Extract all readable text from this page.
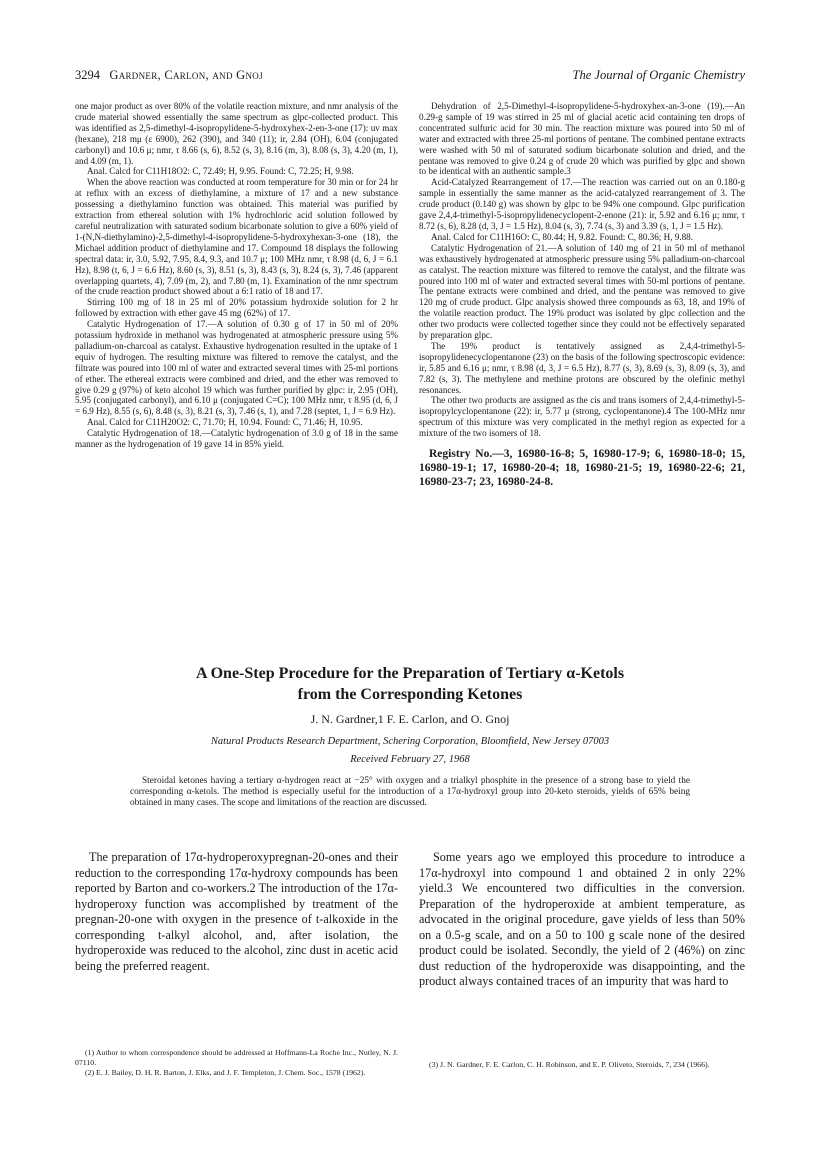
3294 Gardner, Carlon, and Gnoj	The Journal of Organic Chemistry

one major product as over 80% of the volatile reaction mixture, and nmr analysis of the crude material showed essentially the same spectrum as glpc-collected product. This was identified as 2,5-dimethyl-4-isopropylidene-5-hydroxyhex-2-en-3-one (17): uv max (hexane), 218 mμ (ε 6900), 262 (390), and 340 (11); ir, 2.84 (OH), 6.04 (conjugated carbonyl) and 10.6 μ; nmr, τ 8.66 (s, 6), 8.52 (s, 3), 8.16 (m, 3), 8.08 (s, 3), 4.20 (m, 1), and 4.09 (m, 1).

Anal. Calcd for C11H18O2: C, 72.49; H, 9.95. Found: C, 72.25; H, 9.98.

When the above reaction was conducted at room temperature for 30 min or for 24 hr at reflux with an excess of diethylamine, a mixture of 17 and a new substance possessing a diethylamino function was obtained. This material was purified by extraction from ethereal solution with 1% hydrochloric acid solution followed by careful neutralization with saturated sodium bicarbonate solution to give a 60% yield of 1-(N,N-diethylamino)-2,5-dimethyl-4-isopropylidene-5-hydroxyhexan-3-one (18), the Michael addition product of diethylamine and 17. Compound 18 displays the following spectral data: ir, 3.0, 5.92, 7.95, 8.4, 9.3, and 10.7 μ; 100 MHz nmr, τ 8.98 (d, 6, J = 6.1 Hz), 8.98 (t, 6, J = 6.6 Hz), 8.60 (s, 3), 8.51 (s, 3), 8.43 (s, 3), 8.24 (s, 3), 7.46 (apparent overlapping quartets, 4), 7.09 (m, 2), and 7.80 (m, 1). Examination of the nmr spectrum of the crude reaction product showed about a 6:1 ratio of 18 and 17.

Stirring 100 mg of 18 in 25 ml of 20% potassium hydroxide solution for 2 hr followed by extraction with ether gave 45 mg (62%) of 17.

Catalytic Hydrogenation of 17.—A solution of 0.30 g of 17 in 50 ml of 20% potassium hydroxide in methanol was hydrogenated at atmospheric pressure using 5% palladium-on-charcoal as catalyst. Exhaustive hydrogenation resulted in the uptake of 1 equiv of hydrogen. The resulting mixture was filtered to remove the catalyst, and the filtrate was poured into 100 ml of water and extracted several times with 25-ml portions of ether. The ethereal extracts were combined and dried, and the ether was removed to give 0.29 g (97%) of keto alcohol 19 which was further purified by glpc: ir, 2.95 (OH), 5.95 (conjugated carbonyl), and 6.10 μ (conjugated C=C); 100 MHz nmr, τ 8.95 (d, 6, J = 6.9 Hz), 8.55 (s, 6), 8.48 (s, 3), 8.21 (s, 3), 7.46 (s, 1), and 7.28 (septet, 1, J = 6.9 Hz).

Anal. Calcd for C11H20O2: C, 71.70; H, 10.94. Found: C, 71.46; H, 10.95.

Catalytic Hydrogenation of 18.—Catalytic hydrogenation of 3.0 g of 18 in the same manner as the hydrogenation of 19 gave 14 in 85% yield.

Dehydration of 2,5-Dimethyl-4-isopropylidene-5-hydroxyhex-an-3-one (19).—An 0.29-g sample of 19 was stirred in 25 ml of glacial acetic acid containing ten drops of concentrated sulfuric acid for 30 min. The reaction mixture was poured into 50 ml of water and extracted with three 25-ml portions of pentane. The combined pentane extracts were washed with 50 ml of saturated sodium bicarbonate solution and dried, and the pentane was removed to give 0.24 g of crude 20 which was purified by glpc and shown to be identical with an authentic sample.3

Acid-Catalyzed Rearrangement of 17.—The reaction was carried out on an 0.180-g sample in essentially the same manner as the acid-catalyzed rearrangement of 3. The crude product (0.140 g) was shown by glpc to be 94% one compound. Glpc purification gave 2,4,4-trimethyl-5-isopropylidenecyclopent-2-enone (21): ir, 5.92 and 6.16 μ; nmr, τ 8.72 (s, 6), 8.28 (d, 3, J = 1.5 Hz), 8.04 (s, 3), 7.74 (s, 3) and 3.39 (s, 1, J = 1.5 Hz).

Anal. Calcd for C11H16O: C, 80.44; H, 9.82. Found: C, 80.36; H, 9.88.

Catalytic Hydrogenation of 21.—A solution of 140 mg of 21 in 50 ml of methanol was exhaustively hydrogenated at atmospheric pressure using 5% palladium-on-charcoal as catalyst. The reaction mixture was filtered to remove the catalyst, and the filtrate was poured into 100 ml of water and extracted several times with 50-ml portions of pentane. The pentane extracts were combined and dried, and the pentane was removed to give 120 mg of crude product. Glpc analysis showed three compounds as 63, 18, and 19% of the volatile reaction product. The 19% product was isolated by glpc collection and the other two products were collected together since they could not be effectively separated by preparation glpc.

The 19% product is tentatively assigned as 2,4,4-trimethyl-5-isopropylidenecyclopentanone (23) on the basis of the following spectroscopic evidence: ir, 5.85 and 6.16 μ; nmr, τ 8.98 (d, 3, J = 6.5 Hz), 8.77 (s, 3), 8.69 (s, 3), 8.09 (s, 3), and 7.82 (s, 3). The methylene and methine protons are obscured by the olefinic methyl resonances.

The other two products are assigned as the cis and trans isomers of 2,4,4-trimethyl-5-isopropylcyclopentanone (22): ir, 5.77 μ (strong, cyclopentanone).4 The 100-MHz nmr spectrum of this mixture was very complicated in the methyl region as expected for a mixture of the two isomers of 18.

Registry No.—3, 16980-16-8; 5, 16980-17-9; 6, 16980-18-0; 15, 16980-19-1; 17, 16980-20-4; 18, 16980-21-5; 19, 16980-22-6; 21, 16980-23-7; 23, 16980-24-8.
A One-Step Procedure for the Preparation of Tertiary α-Ketols
from the Corresponding Ketones
J. N. Gardner,1 F. E. Carlon, and O. Gnoj
Natural Products Research Department, Schering Corporation, Bloomfield, New Jersey 07003
Received February 27, 1968
Steroidal ketones having a tertiary α-hydrogen react at −25° with oxygen and a trialkyl phosphite in the presence of a strong base to yield the corresponding α-ketols. The method is especially useful for the introduction of a 17α-hydroxyl group into 20-keto steroids, yields of 65% being obtained in many cases. The scope and limitations of the reaction are discussed.

The preparation of 17α-hydroperoxypregnan-20-ones and their reduction to the corresponding 17α-hydroxy compounds has been reported by Barton and co-workers.2 The introduction of the 17α-hydroperoxy function was accomplished by treatment of the pregnan-20-one with oxygen in the presence of t-alkoxide in the corresponding t-alkyl alcohol, and, after isolation, the hydroperoxide was reduced to the alcohol, zinc dust in acetic acid being the preferred reagent.

Some years ago we employed this procedure to introduce a 17α-hydroxyl into compound 1 and obtained 2 in only 22% yield.3 We encountered two difficulties in the conversion. Preparation of the hydroperoxide at ambient temperature, as advocated in the original procedure, gave yields of less than 50% on a 0.5-g scale, and on a 50 to 100 g scale none of the desired product could be isolated. Secondly, the yield of 2 (46%) on zinc dust reduction of the hydroperoxide was disappointing, and the product always contained traces of an impurity that was hard to

(1) Author to whom correspondence should be addressed at Hoffmann-La Roche Inc., Nutley, N. J. 07110.

(2) E. J. Bailey, D. H. R. Barton, J. Elks, and J. F. Templeton, J. Chem. Soc., 1578 (1962).

(3) J. N. Gardner, F. E. Carlon, C. H. Robinson, and E. P. Oliveto, Steroids, 7, 234 (1966).
